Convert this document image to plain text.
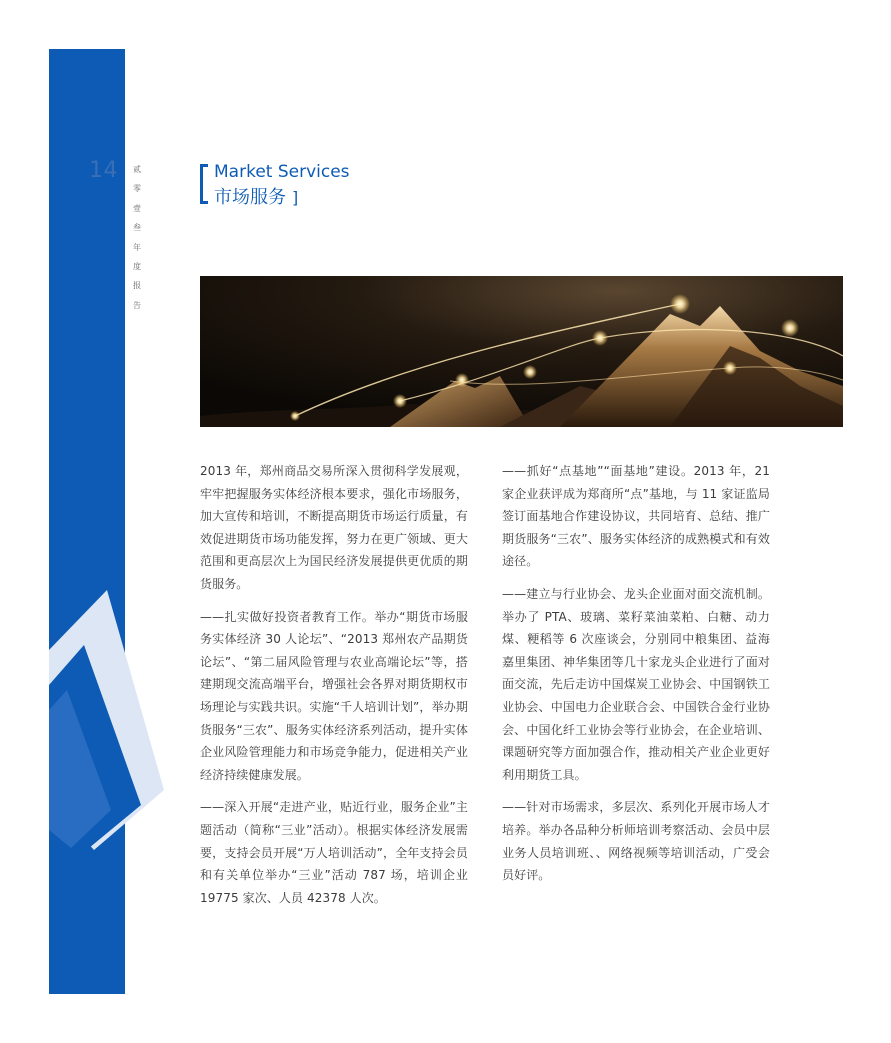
14 贰
零
壹
叁
年
度
报
告
Market Services
市场服务 ]

2013 年，郑州商品交易所深入贯彻科学发展观，牢牢把握服务实体经济根本要求，强化市场服务，加大宣传和培训，不断提高期货市场运行质量，有效促进期货市场功能发挥，努力在更广领域、更大范围和更高层次上为国民经济发展提供更优质的期货服务。

——扎实做好投资者教育工作。举办“期货市场服务实体经济 30 人论坛”、“2013 郑州农产品期货论坛”、“第二届风险管理与农业高端论坛”等，搭建期现交流高端平台，增强社会各界对期货期权市场理论与实践共识。实施“千人培训计划”，举办期货服务“三农”、服务实体经济系列活动，提升实体企业风险管理能力和市场竞争能力，促进相关产业经济持续健康发展。

——深入开展“走进产业，贴近行业，服务企业”主题活动（简称“三业”活动）。根据实体经济发展需要，支持会员开展“万人培训活动”，全年支持会员和有关单位举办“三业”活动 787 场，培训企业 19775 家次、人员 42378 人次。

——抓好“点基地”“面基地”建设。2013 年，21 家企业获评成为郑商所“点”基地，与 11 家证监局签订面基地合作建设协议，共同培育、总结、推广期货服务“三农”、服务实体经济的成熟模式和有效途径。

——建立与行业协会、龙头企业面对面交流机制。举办了 PTA、玻璃、菜籽菜油菜粕、白糖、动力煤、粳稻等 6 次座谈会，分别同中粮集团、益海嘉里集团、神华集团等几十家龙头企业进行了面对面交流，先后走访中国煤炭工业协会、中国钢铁工业协会、中国电力企业联合会、中国铁合金行业协会、中国化纤工业协会等行业协会，在企业培训、课题研究等方面加强合作，推动相关产业企业更好利用期货工具。

——针对市场需求，多层次、系列化开展市场人才培养。举办各品种分析师培训考察活动、会员中层业务人员培训班、、网络视频等培训活动，广受会员好评。
